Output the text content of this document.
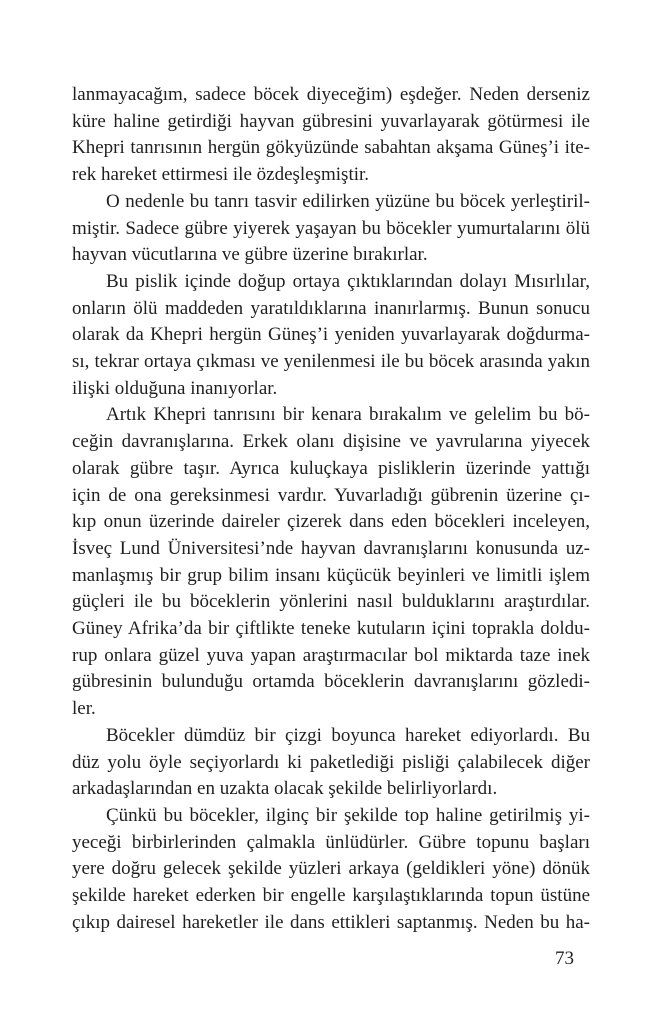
lanmayacağım, sadece böcek diyeceğim) eşdeğer. Neden derseniz
küre haline getirdiği hayvan gübresini yuvarlayarak götürmesi ile
Khepri tanrısının hergün gökyüzünde sabahtan akşama Güneş’i ite-
rek hareket ettirmesi ile özdeşleşmiştir.
O nedenle bu tanrı tasvir edilirken yüzüne bu böcek yerleştiril-
miştir. Sadece gübre yiyerek yaşayan bu böcekler yumurtalarını ölü
hayvan vücutlarına ve gübre üzerine bırakırlar.
Bu pislik içinde doğup ortaya çıktıklarından dolayı Mısırlılar,
onların ölü maddeden yaratıldıklarına inanırlarmış. Bunun sonucu
olarak da Khepri hergün Güneş’i yeniden yuvarlayarak doğdurma-
sı, tekrar ortaya çıkması ve yenilenmesi ile bu böcek arasında yakın
ilişki olduğuna inanıyorlar.
Artık Khepri tanrısını bir kenara bırakalım ve gelelim bu bö-
ceğin davranışlarına. Erkek olanı dişisine ve yavrularına yiyecek
olarak gübre taşır. Ayrıca kuluçkaya pisliklerin üzerinde yattığı
için de ona gereksinmesi vardır. Yuvarladığı gübrenin üzerine çı-
kıp onun üzerinde daireler çizerek dans eden böcekleri inceleyen,
İsveç Lund Üniversitesi’nde hayvan davranışlarını konusunda uz-
manlaşmış bir grup bilim insanı küçücük beyinleri ve limitli işlem
güçleri ile bu böceklerin yönlerini nasıl bulduklarını araştırdılar.
Güney Afrika’da bir çiftlikte teneke kutuların içini toprakla doldu-
rup onlara güzel yuva yapan araştırmacılar bol miktarda taze inek
gübresinin bulunduğu ortamda böceklerin davranışlarını gözledi-
ler.
Böcekler dümdüz bir çizgi boyunca hareket ediyorlardı. Bu
düz yolu öyle seçiyorlardı ki paketlediği pisliği çalabilecek diğer
arkadaşlarından en uzakta olacak şekilde belirliyorlardı.
Çünkü bu böcekler, ilginç bir şekilde top haline getirilmiş yi-
yeceği birbirlerinden çalmakla ünlüdürler. Gübre topunu başları
yere doğru gelecek şekilde yüzleri arkaya (geldikleri yöne) dönük
şekilde hareket ederken bir engelle karşılaştıklarında topun üstüne
çıkıp dairesel hareketler ile dans ettikleri saptanmış. Neden bu ha-
73
